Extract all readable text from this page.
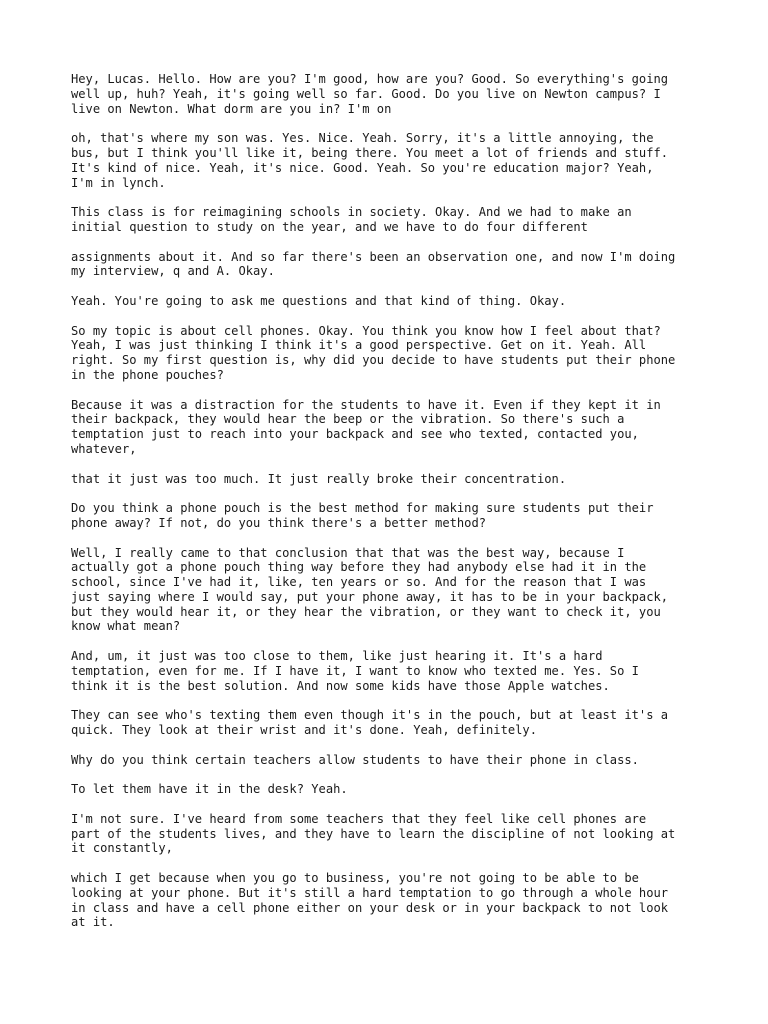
Hey, Lucas. Hello. How are you? I'm good, how are you? Good. So everything's going
well up, huh? Yeah, it's going well so far. Good. Do you live on Newton campus? I
live on Newton. What dorm are you in? I'm on

oh, that's where my son was. Yes. Nice. Yeah. Sorry, it's a little annoying, the
bus, but I think you'll like it, being there. You meet a lot of friends and stuff.
It's kind of nice. Yeah, it's nice. Good. Yeah. So you're education major? Yeah,
I'm in lynch.

This class is for reimagining schools in society. Okay. And we had to make an
initial question to study on the year, and we have to do four different

assignments about it. And so far there's been an observation one, and now I'm doing
my interview, q and A. Okay.

Yeah. You're going to ask me questions and that kind of thing. Okay.

So my topic is about cell phones. Okay. You think you know how I feel about that?
Yeah, I was just thinking I think it's a good perspective. Get on it. Yeah. All
right. So my first question is, why did you decide to have students put their phone
in the phone pouches?

Because it was a distraction for the students to have it. Even if they kept it in
their backpack, they would hear the beep or the vibration. So there's such a
temptation just to reach into your backpack and see who texted, contacted you,
whatever,

that it just was too much. It just really broke their concentration.

Do you think a phone pouch is the best method for making sure students put their
phone away? If not, do you think there's a better method?

Well, I really came to that conclusion that that was the best way, because I
actually got a phone pouch thing way before they had anybody else had it in the
school, since I've had it, like, ten years or so. And for the reason that I was
just saying where I would say, put your phone away, it has to be in your backpack,
but they would hear it, or they hear the vibration, or they want to check it, you
know what mean?

And, um, it just was too close to them, like just hearing it. It's a hard
temptation, even for me. If I have it, I want to know who texted me. Yes. So I
think it is the best solution. And now some kids have those Apple watches.

They can see who's texting them even though it's in the pouch, but at least it's a
quick. They look at their wrist and it's done. Yeah, definitely.

Why do you think certain teachers allow students to have their phone in class.

To let them have it in the desk? Yeah.

I'm not sure. I've heard from some teachers that they feel like cell phones are
part of the students lives, and they have to learn the discipline of not looking at
it constantly,

which I get because when you go to business, you're not going to be able to be
looking at your phone. But it's still a hard temptation to go through a whole hour
in class and have a cell phone either on your desk or in your backpack to not look
at it.
